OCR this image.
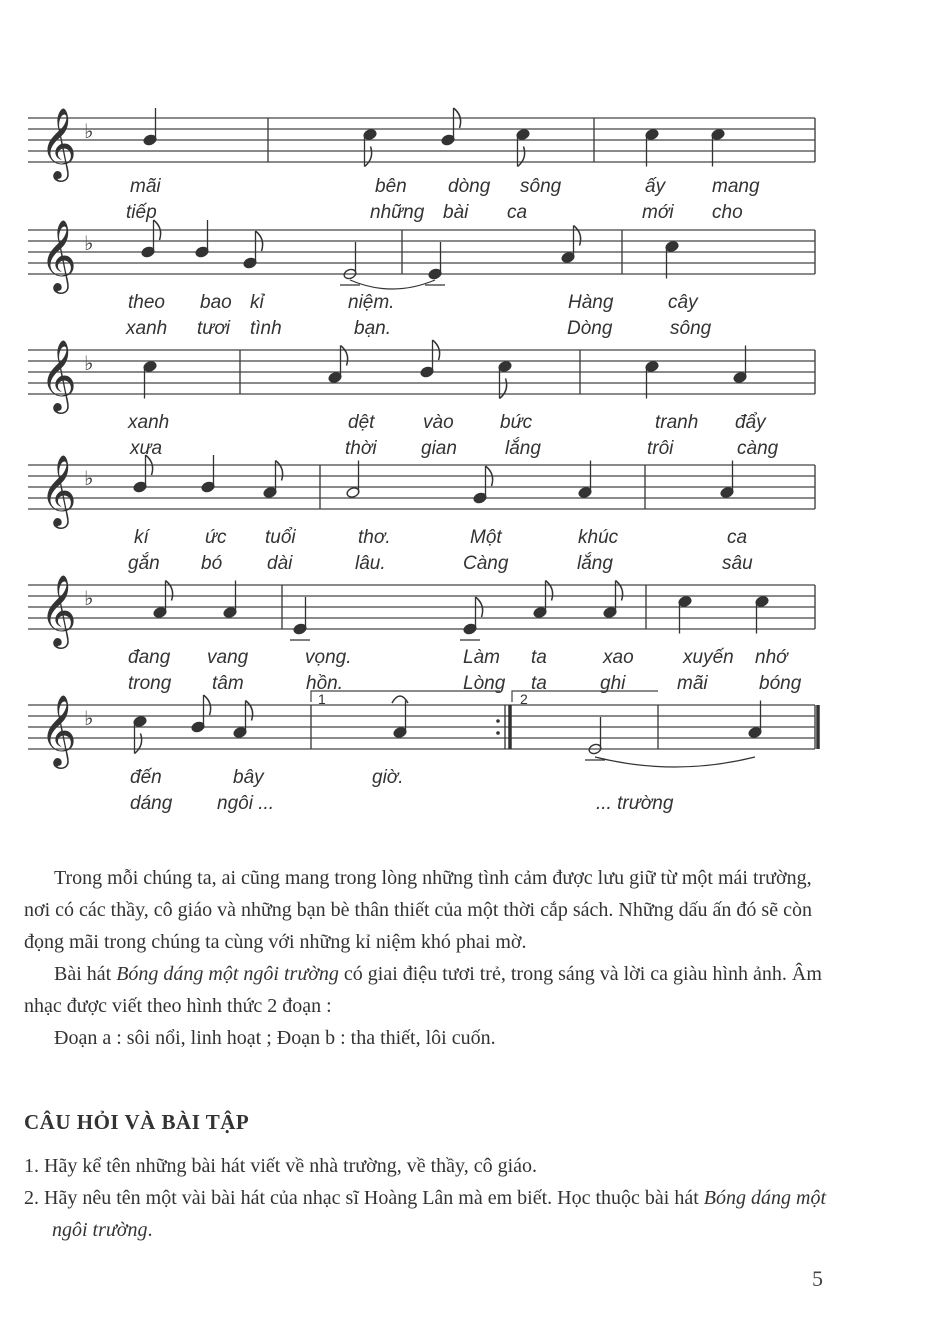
𝄞 ♭
mãi	bên dòng sông	ấy mang
tiếp	những bài ca	mới cho
𝄞 ♭
theo bao kỉ	niệm.	Hàng	cây
xanh tươi tình	bạn.	Dòng	sông
𝄞 ♭
xanh	dệt	vào bức	tranh đẩy
xưa	thời gian	lắng	trôi	càng
𝄞 ♭
kí	ức tuổi	thơ.	Một	khúc	ca
gắn bó dài	lâu.	Càng	lắng	sâu
𝄞 ♭
đang vang	vọng.	Làm ta	xao	xuyến nhớ
trong tâm	hồn.	Lòng ta	ghi	mãi	bóng
𝄞 ♭
đến	bây	giờ.
dáng ngôi ...	... trường
1	2

Trong mỗi chúng ta, ai cũng mang trong lòng những tình cảm được lưu giữ từ một mái trường, nơi có các thầy, cô giáo và những bạn bè thân thiết của một thời cắp sách. Những dấu ấn đó sẽ còn đọng mãi trong chúng ta cùng với những kỉ niệm khó phai mờ.

Bài hát Bóng dáng một ngôi trường có giai điệu tươi trẻ, trong sáng và lời ca giàu hình ảnh. Âm nhạc được viết theo hình thức 2 đoạn :

Đoạn a : sôi nổi, linh hoạt ; Đoạn b : tha thiết, lôi cuốn.

CÂU HỎI VÀ BÀI TẬP
1. Hãy kể tên những bài hát viết về nhà trường, về thầy, cô giáo.
2. Hãy nêu tên một vài bài hát của nhạc sĩ Hoàng Lân mà em biết. Học thuộc bài hát Bóng dáng một ngôi trường.
5
